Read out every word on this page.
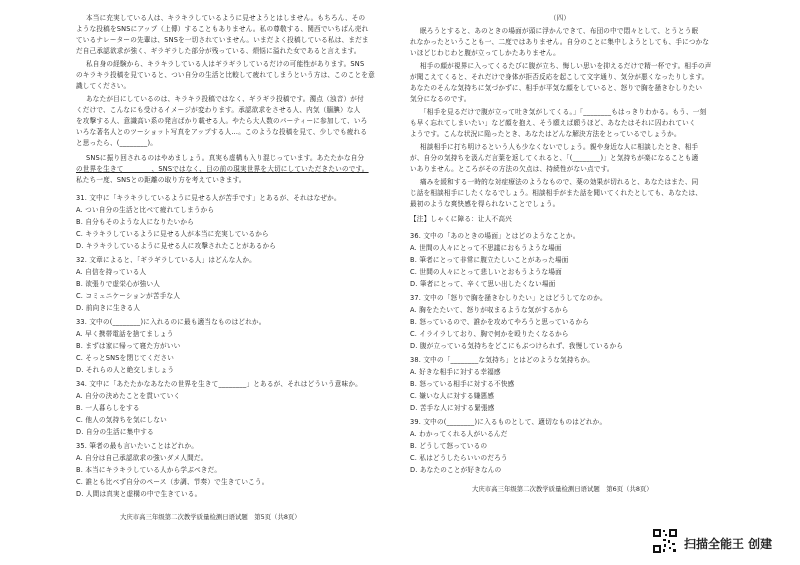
本当に充実している人は、キラキラしているように見せようとはしません。もちろん、その
ような投稿をSNSにアップ（上傳）することもありません。私の尊敬する、関西でいちばん売れ
ているナレーターの先輩は、SNSを一切されていません。いまだよく投稿している私は、まだま
だ自己承認欲求が強く、ギラギラした部分が残っている、煩悩に溢れた女であると言えます。
私自身の経験から、キラキラしている人はギラギラしているだけの可能性があります。SNS
のキラキラ投稿を見ていると、つい自分の生活と比較して疲れてしまうという方は、このことを意
識してください。
あなたが目にしているのは、キラキラ投稿ではなく、ギラギラ投稿です。濁点（浊音）が付
くだけで、こんなにも受けるイメージが変わります。承認欲求をさせる人、内気（腼腆）な人
を攻撃する人、意識高い系の発言ばかり載せる人。やたら大人数のパーティーに参加して、いろ
いろな著名人とのツーショット写真をアップする人…。このような投稿を見て、少しでも疲れる
と思ったら、(________)。
SNSに振り回されるのはやめましょう。真実も虚構も入り混じっています。あたたかな自分
の世界を生きて________、SNSではなく、目の前の現実世界を大切にしていただきたいのです。
私たち一度、SNSとの距離の取り方を考えていきます。
31. 文中に「キラキラしているように見せる人が苦手です」とあるが、それはなぜか。
A. つい自分の生活と比べて疲れてしまうから
B. 自分もそのような人になりたいから
C. キラキラしているように見せる人が本当に充実しているから
D. キラキラしているように見せる人に攻撃されたことがあるから
32. 文章によると、「ギラギラしている人」はどんな人か。
A. 自信を持っている人
B. 欲張りで虚栄心が強い人
C. コミュニケーションが苦手な人
D. 前向きに生きる人
33. 文中の(________)に入れるのに最も適当なものはどれか。
A. 早く携帯電話を捨てましょう
B. まずは家に帰って寝た方がいい
C. そっとSNSを閉じてください
D. それらの人と絶交しましょう
34. 文中に「あたたかなあなたの世界を生きて________」とあるが、それはどういう意味か。
A. 自分の決めたことを貫いていく
B. 一人暮らしをする
C. 他人の気持ちを気にしない
D. 自分の生活に集中する
35. 筆者の最も言いたいことはどれか。
A. 自分は自己承認欲求の強いダメ人間だ。
B. 本当にキラキラしている人から学ぶべきだ。
C. 誰とも比べず自分のペース（步調、节奏）で生きていこう。
D. 人間は真実と虚構の中で生きている。
大庆市高三年级第二次教学质量检测日语试题　第5页（共8页）
（四）
眠ろうとすると、あのときの場面が頭に浮かんできて、布団の中で悶々として、とうとう眠
れなかったということも一、二度ではありません。自分のことに集中しようとしても、手につかな
いほどじわじわと腹が立ってしかたありません。
相手の顔が視界に入ってくるたびに腹が立ち、悔しい思いを抑えるだけで精一杯です。相手の声
が聞こえてくると、それだけで身体が拒否反応を起こして文字通り、気分が悪くなったりします。
あなたのそんな気持ちに気づかずに、相手が平気な顔をしていると、怒りで胸を掻きむしりたい
気分になるのです。
「相手を見るだけで腹が立って吐き気がしてくる。」「________もはっきりわかる。もう、一刻
も早く忘れてしまいたい」など顔を抱え、そう願えば願うほど、あなたはそれに囚われていく
ようです。こんな状況に陥ったとき、あなたはどんな解決方法をとっているでしょうか。
相談相手に打ち明けるという人も少なくないでしょう。親や身近な人に相談したとき、相手
が、自分の気持ちを汲んだ言葉を返してくれると、「(________)」と気持ちが楽になることも適
いありません。ところがその方法の欠点は、持続性がない点です。
痛みを緩和する一時的な対症療法のようなもので、薬の効果が切れると、あなたはまた、同
じ話を相談相手にしたくなるでしょう。相談相手がまた話を聞いてくれたとしても、あなたは、
最初のような爽快感を得られないことでしょう。
【注】しゃくに障る：让人不高兴
36. 文中の「あのときの場面」とはどのようなことか。
A. 世間の人々にとって不思議におもうような場面
B. 筆者にとって非常に腹立たしいことがあった場面
C. 世間の人々にとって悲しいとおもうような場面
D. 筆者にとって、辛くて思い出したくない場面
37. 文中の「怒りで胸を掻きむしりたい」とはどうしてなのか。
A. 胸をたたいて、怒りが収まるような気がするから
B. 怒っているので、誰かを攻めてやろうと思っているから
C. イライラしており、胸で何かを殴りたくなるから
D. 腹が立っている気持ちをどこにもぶつけられず、我慢しているから
38. 文中の「________な気持ち」とはどのような気持ちか。
A. 好きな相手に対する幸福感
B. 怒っている相手に対する不快感
C. 嫌いな人に対する嫌悪感
D. 苦手な人に対する緊張感
39. 文中の(________)に入るものとして、適切なものはどれか。
A. わかってくれる人がいるんだ
B. どうして怒っているの
C. 私はどうしたらいいのだろう
D. あなたのことが好きなんの
大庆市高三年级第二次教学质量检测日语试题　第6页（共8页）
扫描全能王 创建
